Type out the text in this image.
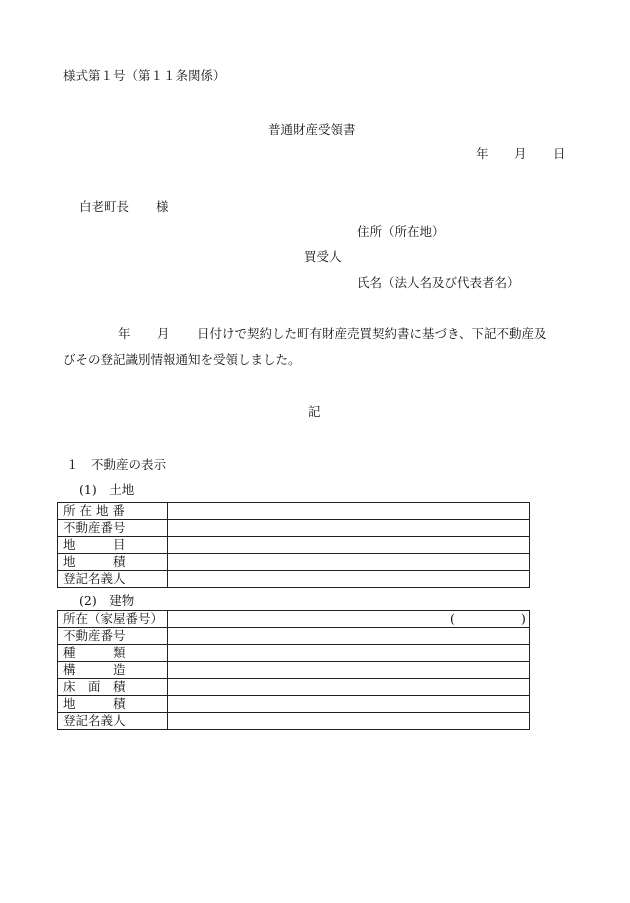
様式第１号（第１１条関係）
普通財産受領書
年 月 日
白老町長 様
住所（所在地）
買受人
氏名（法人名及び代表者名）
年 月 日付けで契約した町有財産売買契約書に基づき、下記不動産及
びその登記識別情報通知を受領しました。
記
１　不動産の表示
(1)　土地
所 在 地 番	
不動産番号	
地　　　目	
地　　　積	
登記名義人	
(2)　建物
所在（家屋番号）	( )

不動産番号	
種　　　類	
構　　　造	
床　面　積	
地　　　積	
登記名義人	
